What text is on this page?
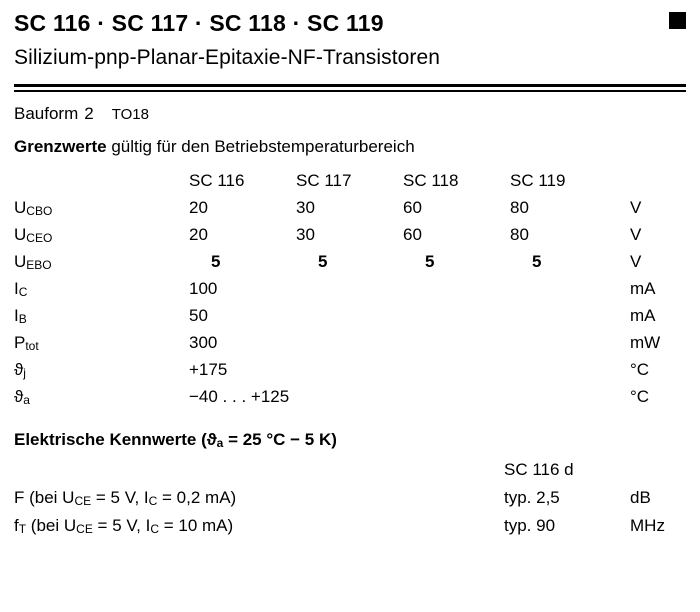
SC 116 · SC 117 · SC 118 · SC 119
Silizium-pnp-Planar-Epitaxie-NF-Transistoren
Bauform 2 TO18
Grenzwerte gültig für den Betriebstemperaturbereich
	SC 116	SC 117	SC 118	SC 119	
$U_{CBO}$	20	30	60	80	V
$U_{CEO}$	20	30	60	80	V
$U_{EBO}$	5	5	5	5	V
$I_C$	100				mA
$I_B$	50				mA
$P_{tot}$	300				mW
$ϑ_j$	+175				°C
$ϑ_a$	−40 . . . +125				°C
Elektrische Kennwerte ($ϑ_a = 25$ °C − 5 K)
	SC 116 d	
F (bei $U_{CE} = 5$ V, $I_C = 0,2$ mA)	typ. 2,5	dB
$f_T$ (bei $U_{CE} = 5$ V, $I_C = 10$ mA)	typ. 90	MHz
